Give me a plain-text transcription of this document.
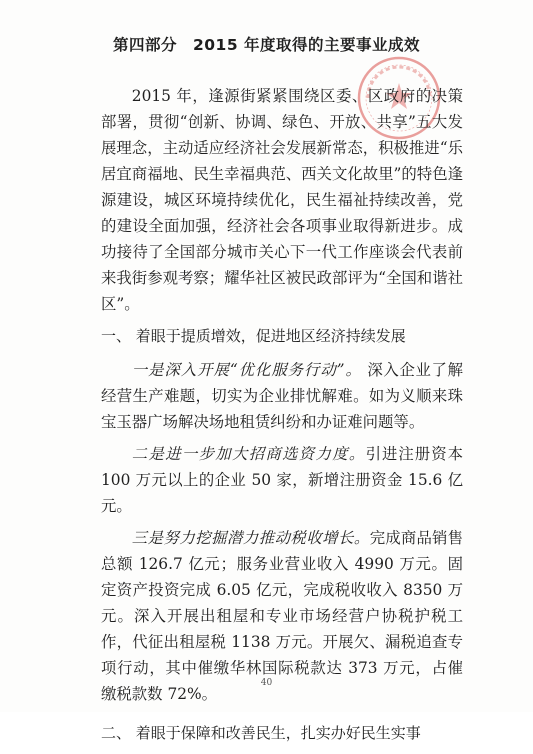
第四部分　2015 年度取得的主要事业成效

2015 年，逢源街紧紧围绕区委、区政府的决策部署，贯彻“创新、协调、绿色、开放、共享”五大发展理念，主动适应经济社会发展新常态，积极推进“乐居宜商福地、民生幸福典范、西关文化故里”的特色逢源建设，城区环境持续优化，民生福祉持续改善，党的建设全面加强，经济社会各项事业取得新进步。成功接待了全国部分城市关心下一代工作座谈会代表前来我街参观考察；耀华社区被民政部评为“全国和谐社区”。

一、 着眼于提质增效，促进地区经济持续发展

一是深入开展“优化服务行动”。 深入企业了解经营生产难题，切实为企业排忧解难。如为义顺来珠宝玉器广场解决场地租赁纠纷和办证难问题等。

二是进一步加大招商选资力度。引进注册资本 100 万元以上的企业 50 家，新增注册资金 15.6 亿元。

三是努力挖掘潜力推动税收增长。完成商品销售总额 126.7 亿元；服务业营业收入 4990 万元。固定资产投资完成 6.05 亿元，完成税收收入 8350 万元。深入开展出租屋和专业市场经营户协税护税工作，代征出租屋税 1138 万元。开展欠、漏税追查专项行动，其中催缴华林国际税款达 373 万元，占催缴税款数 72%。

二、 着眼于保障和改善民生，扎实办好民生实事

40
